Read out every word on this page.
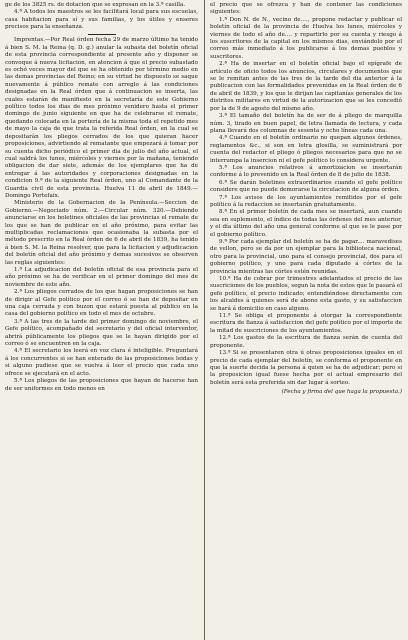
ge de los 3825 rs. de dotacion que se expresan en la 3.ª casilla.

4.ª A todos los maestros se les facilitará local para sus escuelas, casa habitacion para sí y sus familias, y los útiles y enseres precisos para la enseñanza.

Imprentas.—Por Real órden fecha 29 de marzo último ha tenido á bien S. M. la Reina (q. D. g.) anular la subasta del boletín oficial de esta provincia correspondiente al presente año y disponer se convoque á nueva licitacion, en atencion á que el precio subastado es ochó veces mayor del que se ha obtenido por término medio en las demas provincias del Reino; en su virtud he dispuesto se saque nuevamente á público remate con arreglo á las condiciones designadas en la Real órden que á continuacion se inserta, las cuales estarán de manifiesto en la secretaría de este Gobierno político todos los dias de mes próximo venidero hasta el primer domingo de junio siguiente en que ha de celebrarse el remate, quedando colocada en la portería de la misma toda el repetido mes de mayo la caja de que trata la referida Real órden, en la cual se depositarán los pliegos cerrados de los que quieran hacer proposiciones, advirtiendo al rematante que empezará á tomar por su cuenta dicho periódico el primer dia de julio del año actual, el cual saldrá los lunes, miércoles y viernes por la mañana, teniendo obligacion de dar siete, además de los ejemplares que ha de entregar á las autoridades y corporaciones designadas en la condicion 9.ª de la siguiente Real órden, uno al Comandante de la Guardia civil de esta provincia. Huelva 11 de abril de 1849.—Domingo Portefaix.

Ministerio de la Gobernacion de la Península.—Seccion de Gobierno.—Negociado núm. 2.—Circular núm. 320.—Debiendo anunciarse en los boletines oficiales de las provincias el remate de los que se han de publicar en el año próximo, para evitar las multiplicadas reclamaciones que ocasionaba la subasta por el método prescrito en la Real órden de 6 de abril de 1839, ha tenido á bien S. M. la Reina resolver, que para la licitacion y adjudicacion del boletín oficial del año próximo y demas sucesivos se observen las reglas siguientes:

1.ª La adjudicacion del boletín oficial de esa provincia para el año próximo se ha de verificar en el primer domingo del mes de noviembre de este año.

2.ª Los pliegos cerrados de los que hagan proposiciones se han de dirigir al Gefe político por el correo ó se han de depositar en una caja cerrada y con buzon que estará puesta al público en la casa del gobierno político en todo el mes de octubre.

3.ª A las tres de la tarde del primer domingo de noviembre, el Gefe político, acompañado del secretario y del oficial interventor, abrirá públicamente los pliegos que se le hayan dirigido por el correo ó se encuentren en la caja.

4.ª El secretario los leerá en voz clara é inteligible. Preguntará á los concurrentes si se han enterado de las proposiciones leidas y si alguno pudiese que se vuelva á leer el precio que cada uno ofrece se ejecutará en el acto.

5.ª Los pliegos de las proposiciones que hayan de hacerse han de ser uniformes en todo menos en

el precio que se ofrezca y han de contener las condiciones siguientes:

1.ª Don N. de N., vecino de...., propone redactar y publicar el boletín oficial de la provincia de Huelva los lunes, miércoles y viernes de todo el año de.... y repartirlo por su cuenta y riesgo á los suscritores de la capital en los mismos dias, enviándolo por el correo más inmediato á los publicarse á los demas pueblos y suscritores.

2.ª Ha de insertar en el boletín oficial bajo el epígrafe de artículo de oficio todos los anuncios, circulares y documentos que se le remitan antes de las tres de la tarde del dia anterior á la publicacion con las formalidades prevenidas en la Real órden de 6 de abril de 1839, y los que le dirijan las capitanías generales de los distritos militares en virtud de la autorizacion que se les concedió por la de 9 de agosto del mismo año.

3.ª El tamaño del boletín ha de ser de á pliego de marquilla núm. 3, tirado en buen papel, de letra llamada de lectura, y cada plana llevará dos columnas de sesenta y ocho líneas cada una.

4.ª Cuando en el boletín ordinario no quepan algunos órdenes, reglamentos &c., si son en letra glosilla, se suministrará por cuenta del redactor el pliego ó pliegos necesarios para que no se interrumpa la insercion ni el gefe político lo considera urgente.

5.ª Los anuncios relativos á amortizacion se insertarán conforme á lo prevenido en la Real órden de 8 de julio de 1838.

6.ª Se darán boletines extraordinarios cuando el gefe político considere que no puede demorarse la circulacion de alguna órden.

7.ª Los avisos de los ayuntamientos remitidos por el gefe político á la redaccion se insertarán gratuitamente.

8.ª En el primer boletín de cada mes se insertará, aun cuando sea en suplemento, el índice de todas las órdenes del mes anterior, y el día último del año una general conforme al que se le pase por el gobierno político.

9.ª Por cada ejemplar del boletín se ha de pagar.... maravedises de vellon, pero se da por un ejemplar para la biblioteca nacional, otro para la provincial, uno para el consejo provincial, dos para el gobierno político, y uno para cada diputado á córtes de la provincia mientras las córtes estén reunidas.

10.ª Ha de cobrar por trimestres adelantados el precio de las suscriciones de los pueblos, segun la nota de estos que le pasará el gefe político, el precio indicado; entendiéndose directamente con los alcaldes á quienes será de abono esta gasto, y su satisfaccion se hará á domicilio en caso alguno.

11.ª Se obliga el proponente á otorgar la correspondiente escritura de fianza á satisfaccion del gefe político por el importe de la mitad de suscriciones de los ayuntamientos.

12.ª Los gastos de la escritura de fianza serán de cuenta del proponente.

13.ª Si se presentaren otra ú otras proposiciones iguales en el precio de cada ejemplar del boletín, se conforma el proponente en que la suerte decida la persona á quien se ha de adjudicar; pero si la proposicion igual fuese hecha por el actual empresario del boletín será esta preferida sin dar lugar á sorteo.

(Fecha y firma del que haga la propuesta.)
